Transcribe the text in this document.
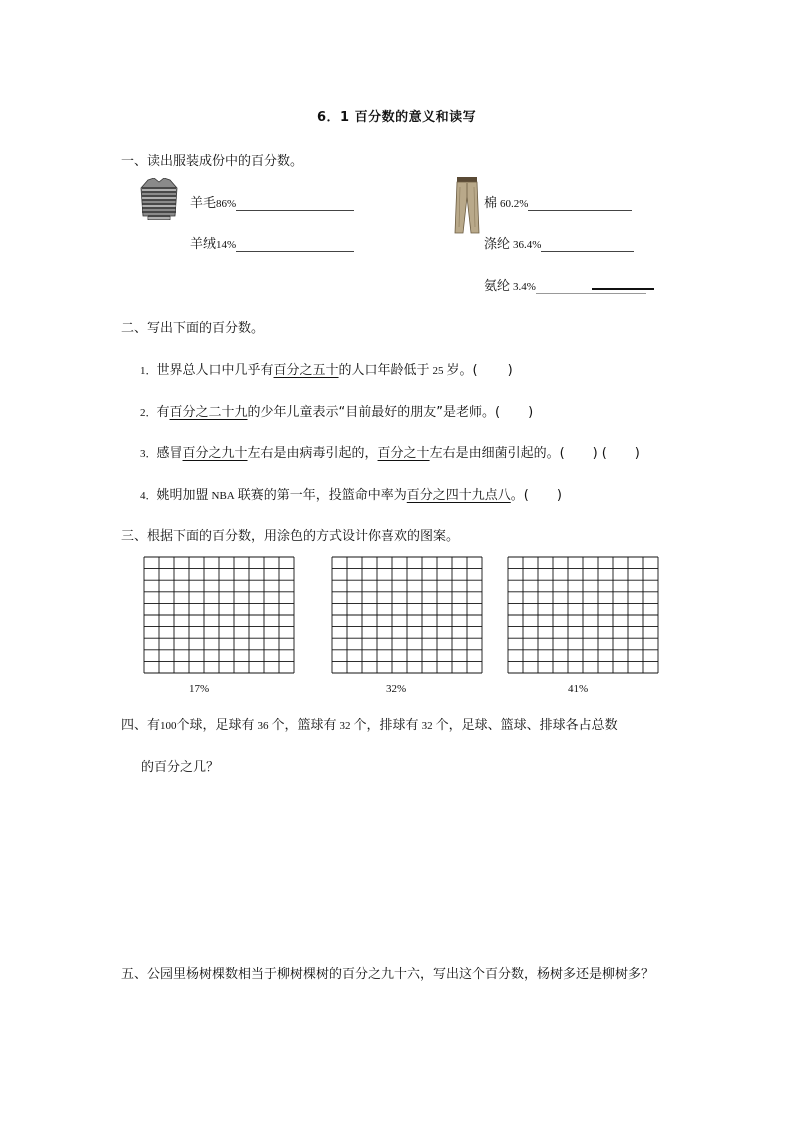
6．1 百分数的意义和读写
一、读出服装成份中的百分数。
羊毛86%
羊绒14%
棉 60.2%
涤纶 36.4%
氨纶 3.4%
二、写出下面的百分数。
1．世界总人口中几乎有百分之五十的人口年龄低于 25 岁。( )
2．有百分之二十九的少年儿童表示“目前最好的朋友”是老师。( )
3．感冒百分之九十左右是由病毒引起的，百分之十左右是由细菌引起的。( ) ( )
4．姚明加盟 NBA 联赛的第一年，投篮命中率为百分之四十九点八。( )
三、根据下面的百分数，用涂色的方式设计你喜欢的图案。
17%	32%	41%
四、有100个球，足球有 36 个，篮球有 32 个，排球有 32 个，足球、篮球、排球各占总数
的百分之几？
五、公园里杨树棵数相当于柳树棵树的百分之九十六，写出这个百分数，杨树多还是柳树多？
